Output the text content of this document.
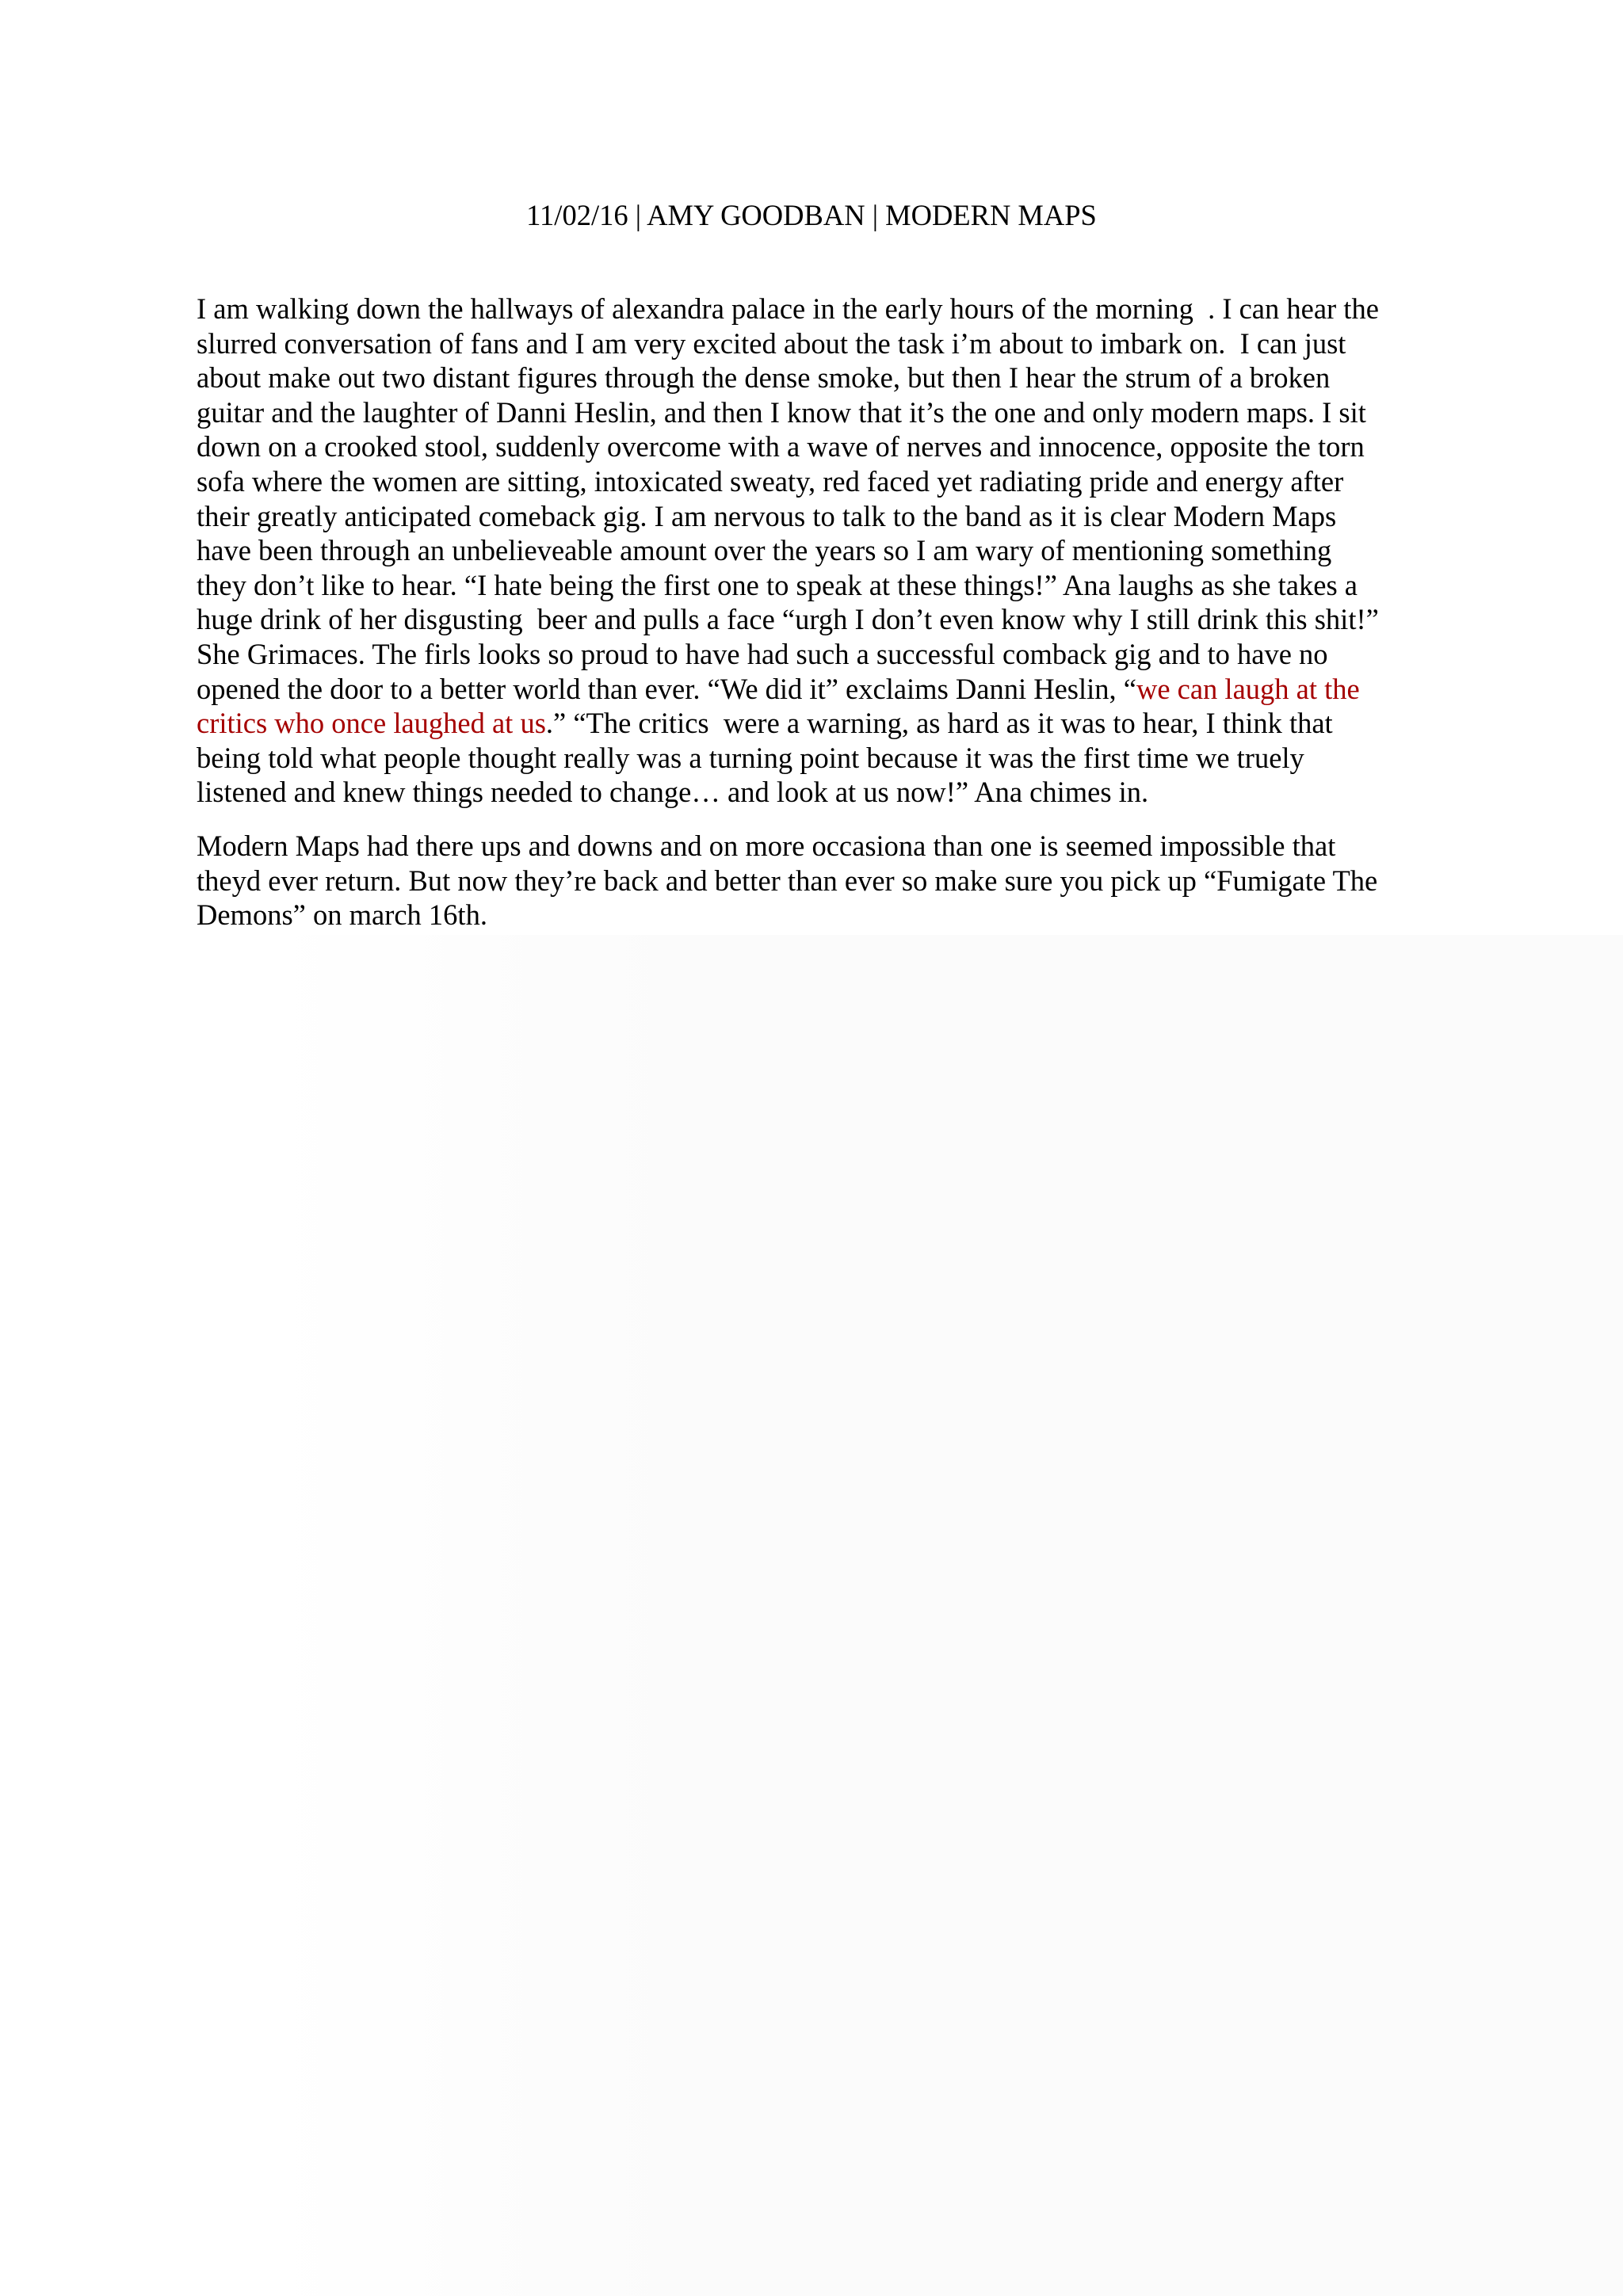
11/02/16 | AMY GOODBAN | MODERN MAPS
I am walking down the hallways of alexandra palace in the early hours of the morning  . I can hear the
slurred conversation of fans and I am very excited about the task i’m about to imbark on.  I can just
about make out two distant figures through the dense smoke, but then I hear the strum of a broken
guitar and the laughter of Danni Heslin, and then I know that it’s the one and only modern maps. I sit
down on a crooked stool, suddenly overcome with a wave of nerves and innocence, opposite the torn
sofa where the women are sitting, intoxicated sweaty, red faced yet radiating pride and energy after
their greatly anticipated comeback gig. I am nervous to talk to the band as it is clear Modern Maps
have been through an unbelieveable amount over the years so I am wary of mentioning something
they don’t like to hear. “I hate being the first one to speak at these things!” Ana laughs as she takes a
huge drink of her disgusting  beer and pulls a face “urgh I don’t even know why I still drink this shit!”
She Grimaces. The firls looks so proud to have had such a successful comback gig and to have no
opened the door to a better world than ever. “We did it” exclaims Danni Heslin, “we can laugh at the
critics who once laughed at us.” “The critics  were a warning, as hard as it was to hear, I think that
being told what people thought really was a turning point because it was the first time we truely
listened and knew things needed to change… and look at us now!” Ana chimes in.
Modern Maps had there ups and downs and on more occasiona than one is seemed impossible that
theyd ever return. But now they’re back and better than ever so make sure you pick up “Fumigate The
Demons” on march 16th.
